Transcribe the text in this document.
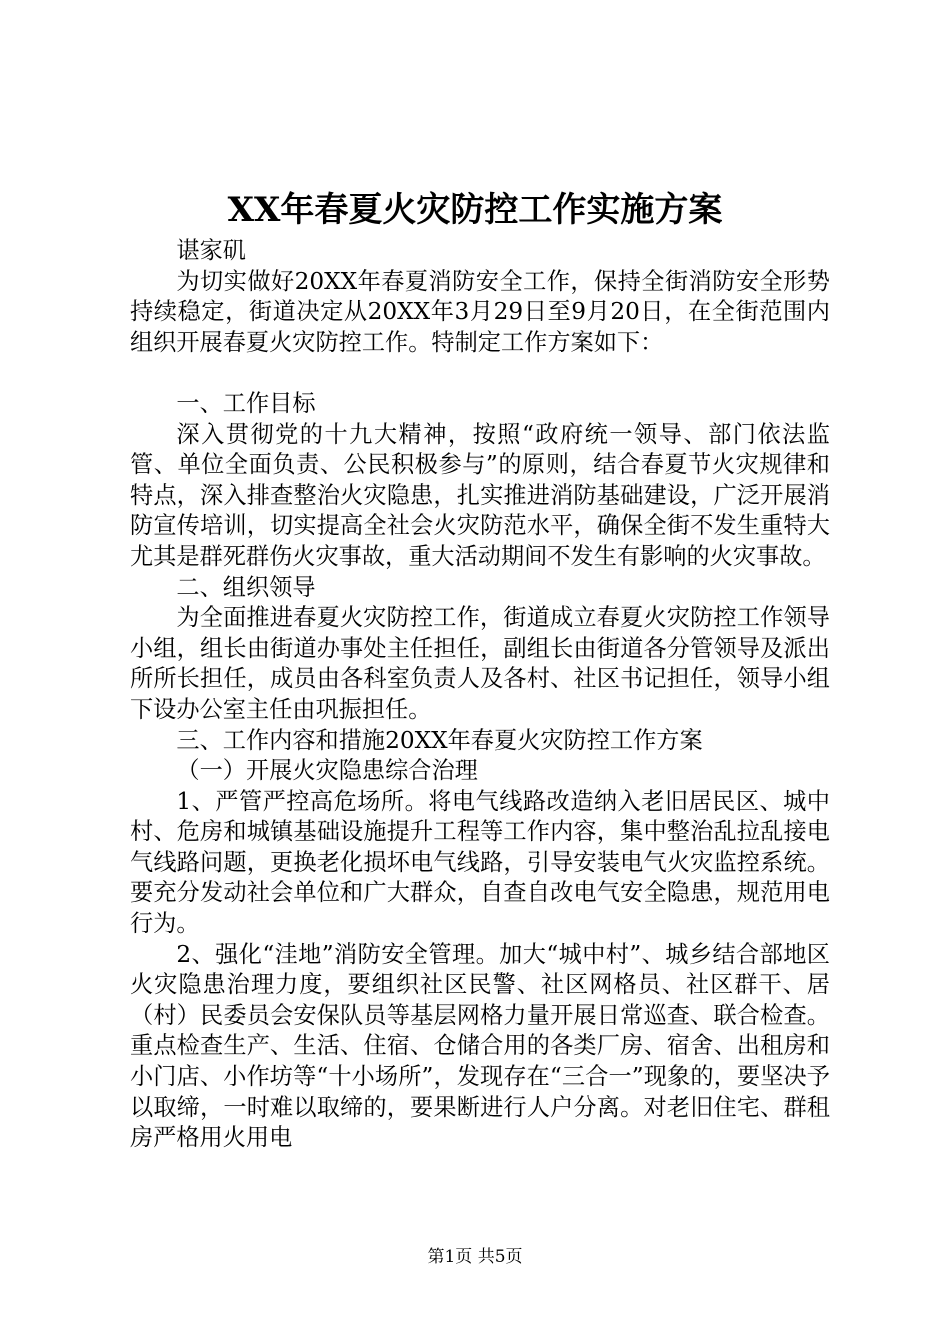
XX年春夏火灾防控工作实施方案

谌家矶

为切实做好20XX年春夏消防安全工作，保持全街消防安全形势持续稳定，街道决定从20XX年3月29日至9月20日，在全街范围内组织开展春夏火灾防控工作。特制定工作方案如下：

一、工作目标

深入贯彻党的十九大精神，按照“政府统一领导、部门依法监管、单位全面负责、公民积极参与”的原则，结合春夏节火灾规律和特点，深入排查整治火灾隐患，扎实推进消防基础建设，广泛开展消防宣传培训，切实提高全社会火灾防范水平，确保全街不发生重特大尤其是群死群伤火灾事故，重大活动期间不发生有影响的火灾事故。

二、组织领导

为全面推进春夏火灾防控工作，街道成立春夏火灾防控工作领导小组，组长由街道办事处主任担任，副组长由街道各分管领导及派出所所长担任，成员由各科室负责人及各村、社区书记担任，领导小组下设办公室主任由巩振担任。

三、工作内容和措施20XX年春夏火灾防控工作方案

（一）开展火灾隐患综合治理

1、严管严控高危场所。将电气线路改造纳入老旧居民区、城中村、危房和城镇基础设施提升工程等工作内容，集中整治乱拉乱接电气线路问题，更换老化损坏电气线路，引导安装电气火灾监控系统。要充分发动社会单位和广大群众，自查自改电气安全隐患，规范用电行为。

2、强化“洼地”消防安全管理。加大“城中村”、城乡结合部地区火灾隐患治理力度，要组织社区民警、社区网格员、社区群干、居（村）民委员会安保队员等基层网格力量开展日常巡查、联合检查。重点检查生产、生活、住宿、仓储合用的各类厂房、宿舍、出租房和小门店、小作坊等“十小场所”，发现存在“三合一”现象的，要坚决予以取缔，一时难以取缔的，要果断进行人户分离。对老旧住宅、群租房严格用火用电

第1页 共5页
